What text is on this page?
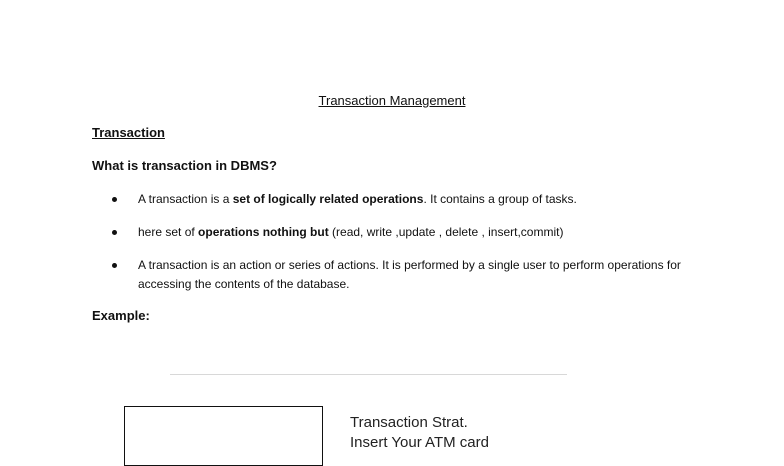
Transaction Management
Transaction
What is transaction in DBMS?
A transaction is a set of logically related operations. It contains a group of tasks.
here set of operations nothing but (read, write ,update , delete , insert,commit)
A transaction is an action or series of actions. It is performed by a single user to perform operations for accessing the contents of the database.
Example:
Transaction Strat.
Insert Your ATM card
